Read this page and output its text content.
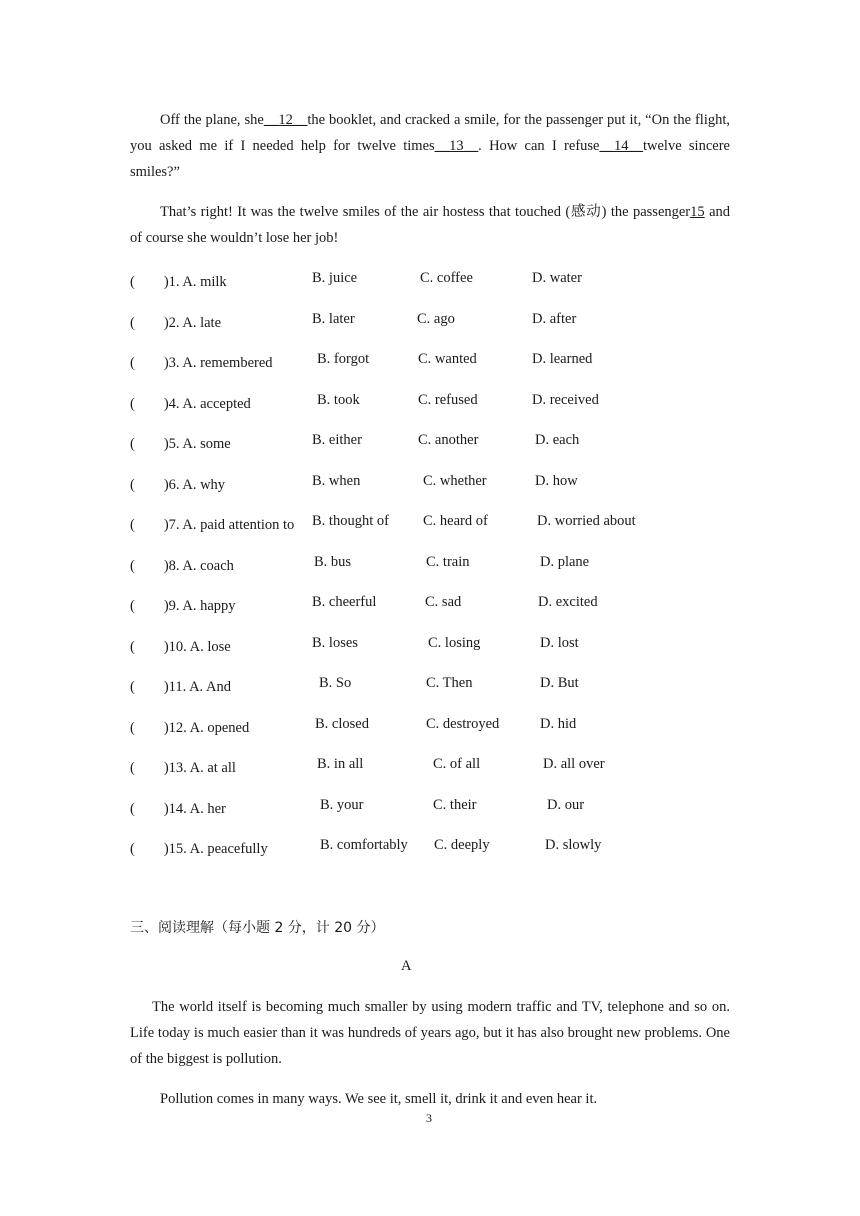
Off the plane, she__12__the booklet, and cracked a smile, for the passenger put it, “On the flight, you asked me if I needed help for twelve times__13__. How can I refuse__14__twelve sincere smiles?”
That’s right! It was the twelve smiles of the air hostess that touched (感动) the passenger15 and of course she wouldn’t lose her job!
(　　)1. A. milk	B. juice	C. coffee	D. water
(　　)2. A. late	B. later	C. ago	D. after
(　　)3. A. remembered	B. forgot	C. wanted	D. learned
(　　)4. A. accepted	B. took	C. refused	D. received
(　　)5. A. some	B. either	C. another	D. each
(　　)6. A. why	B. when	C. whether	D. how
(　　)7. A. paid attention to B. thought of C. heard of	D. worried about
(　　)8. A. coach	B. bus	C. train	D. plane
(　　)9. A. happy	B. cheerful	C. sad	D. excited
(　　)10. A. lose	B. loses	C. losing	D. lost
(　　)11. A. And	B. So	C. Then	D. But
(　　)12. A. opened	B. closed	C. destroyed	D. hid
(　　)13. A. at all	B. in all	C. of all	D. all over
(　　)14. A. her	B. your	C. their	D. our
(　　)15. A. peacefully	B. comfortably C. deeply	D. slowly
三、阅读理解（每小题 2 分，计 20 分）
A
The world itself is becoming much smaller by using modern traffic and TV, telephone and so on. Life today is much easier than it was hundreds of years ago, but it has also brought new problems. One of the biggest is pollution.
Pollution comes in many ways. We see it, smell it, drink it and even hear it.
3
